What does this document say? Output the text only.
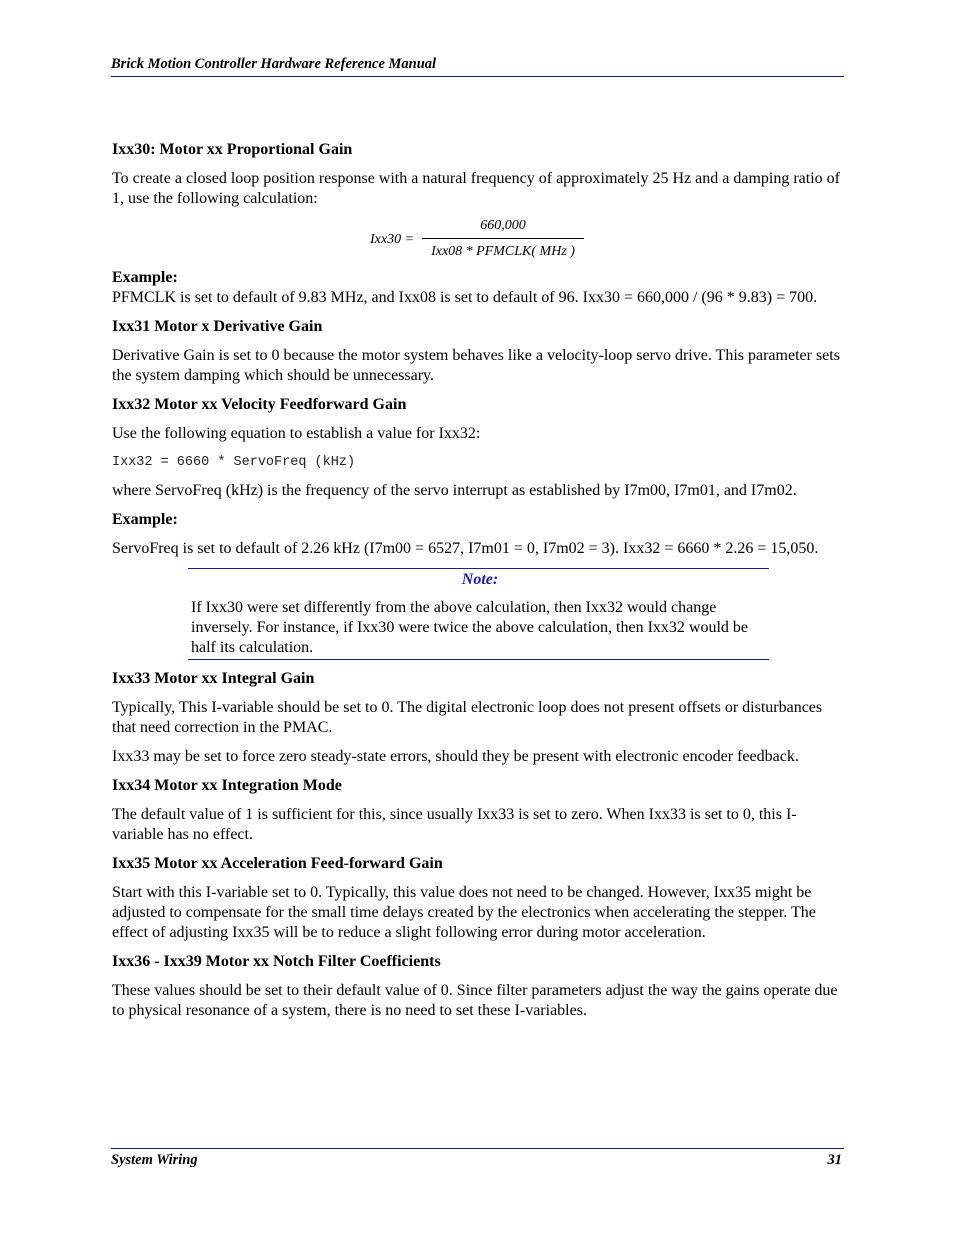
Brick Motion Controller Hardware Reference Manual
Ixx30: Motor xx Proportional Gain

To create a closed loop position response with a natural frequency of approximately 25 Hz and a damping ratio of 1, use the following calculation:

Ixx30 =
660,000
Ixx08 * PFMCLK( MHz )
Example:
PFMCLK is set to default of 9.83 MHz, and Ixx08 is set to default of 96. Ixx30 = 660,000 / (96 * 9.83) = 700.
Ixx31 Motor x Derivative Gain

Derivative Gain is set to 0 because the motor system behaves like a velocity-loop servo drive. This parameter sets the system damping which should be unnecessary.

Ixx32 Motor xx Velocity Feedforward Gain

Use the following equation to establish a value for Ixx32:

Ixx32 = 6660 * ServoFreq (kHz)

where ServoFreq (kHz) is the frequency of the servo interrupt as established by I7m00, I7m01, and I7m02.

Example:

ServoFreq is set to default of 2.26 kHz (I7m00 = 6527, I7m01 = 0, I7m02 = 3). Ixx32 = 6660 * 2.26 = 15,050.

Note:

If Ixx30 were set differently from the above calculation, then Ixx32 would change inversely. For instance, if Ixx30 were twice the above calculation, then Ixx32 would be half its calculation.

Ixx33 Motor xx Integral Gain

Typically, This I-variable should be set to 0. The digital electronic loop does not present offsets or disturbances that need correction in the PMAC.

Ixx33 may be set to force zero steady-state errors, should they be present with electronic encoder feedback.

Ixx34 Motor xx Integration Mode

The default value of 1 is sufficient for this, since usually Ixx33 is set to zero. When Ixx33 is set to 0, this I-variable has no effect.

Ixx35 Motor xx Acceleration Feed-forward Gain

Start with this I-variable set to 0. Typically, this value does not need to be changed. However, Ixx35 might be adjusted to compensate for the small time delays created by the electronics when accelerating the stepper. The effect of adjusting Ixx35 will be to reduce a slight following error during motor acceleration.

Ixx36 - Ixx39 Motor xx Notch Filter Coefficients

These values should be set to their default value of 0. Since filter parameters adjust the way the gains operate due to physical resonance of a system, there is no need to set these I-variables.

System Wiring	31
